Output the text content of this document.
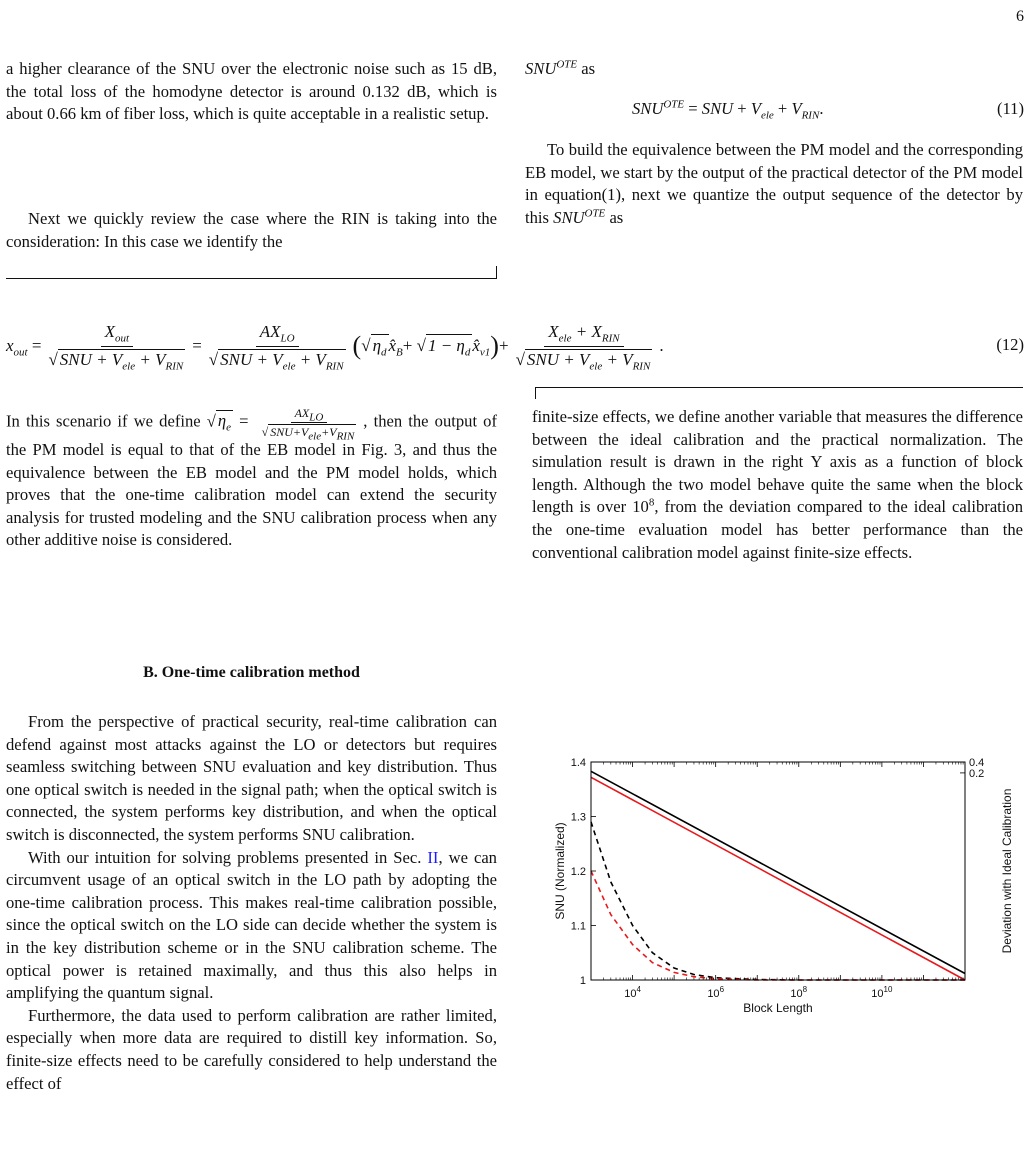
6

a higher clearance of the SNU over the electronic noise such as 15 dB, the total loss of the homodyne detector is around 0.132 dB, which is about 0.66 km of fiber loss, which is quite acceptable in a realistic setup.

Next we quickly review the case where the RIN is taking into the consideration: In this case we identify the

$SNU^{OTE}$ as
$SNU^{OTE}$ = SNU + $V_{ele} + V_{RIN}$.	(11)

To build the equivalence between the PM model and the corresponding EB model, we start by the output of the practical detector of the PM model in equation(1), next we quantize the output sequence of the detector by this $SNU^{OTE}$ as

$x_{out} = \frac{X_{out}}{√ SNU + V_{ele} + V_{RIN}} = \frac{AX_{LO}}{√ SNU + V_{ele} + V_{RIN}}$ ( √ $\eta_d$ $x̂_B$ + √ $1 - \eta_d$ $x̂_{v1}$ ) + $\frac{X_{ele} + X_{RIN}}{√ SNU + V_{ele} + V_{RIN}}$ .	(12)

In this scenario if we define √ $\eta_e = \frac{AX_{LO}}{√ SNU+V_{ele}+V_{RIN}}$ , then the output of the PM model is equal to that of the EB model in Fig. 3, and thus the equivalence between the EB model and the PM model holds, which proves that the one-time calibration model can extend the security analysis for trusted modeling and the SNU calibration process when any other additive noise is considered.

B. One-time calibration method

From the perspective of practical security, real-time calibration can defend against most attacks against the LO or detectors but requires seamless switching between SNU evaluation and key distribution. Thus one optical switch is needed in the signal path; when the optical switch is connected, the system performs key distribution, and when the optical switch is disconnected, the system performs SNU calibration.

With our intuition for solving problems presented in Sec. II, we can circumvent usage of an optical switch in the LO path by adopting the one-time calibration process. This makes real-time calibration possible, since the optical switch on the LO side can decide whether the system is in the key distribution scheme or in the SNU calibration scheme. The optical power is retained maximally, and thus this also helps in amplifying the quantum signal.

Furthermore, the data used to perform calibration are rather limited, especially when more data are required to distill key information. So, finite-size effects need to be carefully considered to help understand the effect of

finite-size effects, we define another variable that measures the difference between the ideal calibration and the practical normalization. The simulation result is drawn in the right Y axis as a function of block length. Although the two model behave quite the same when the block length is over $10^8$, from the deviation compared to the ideal calibration the one-time evaluation model has better performance than the conventional calibration model against finite-size effects.

$10^4$	$10^6$	$10^8$	$10^{10}$
1
1.1
1.2
1.3
1.4	0.4
0.2
Block Length
SNU (Normalized)	Deviation with Ideal Calibration
